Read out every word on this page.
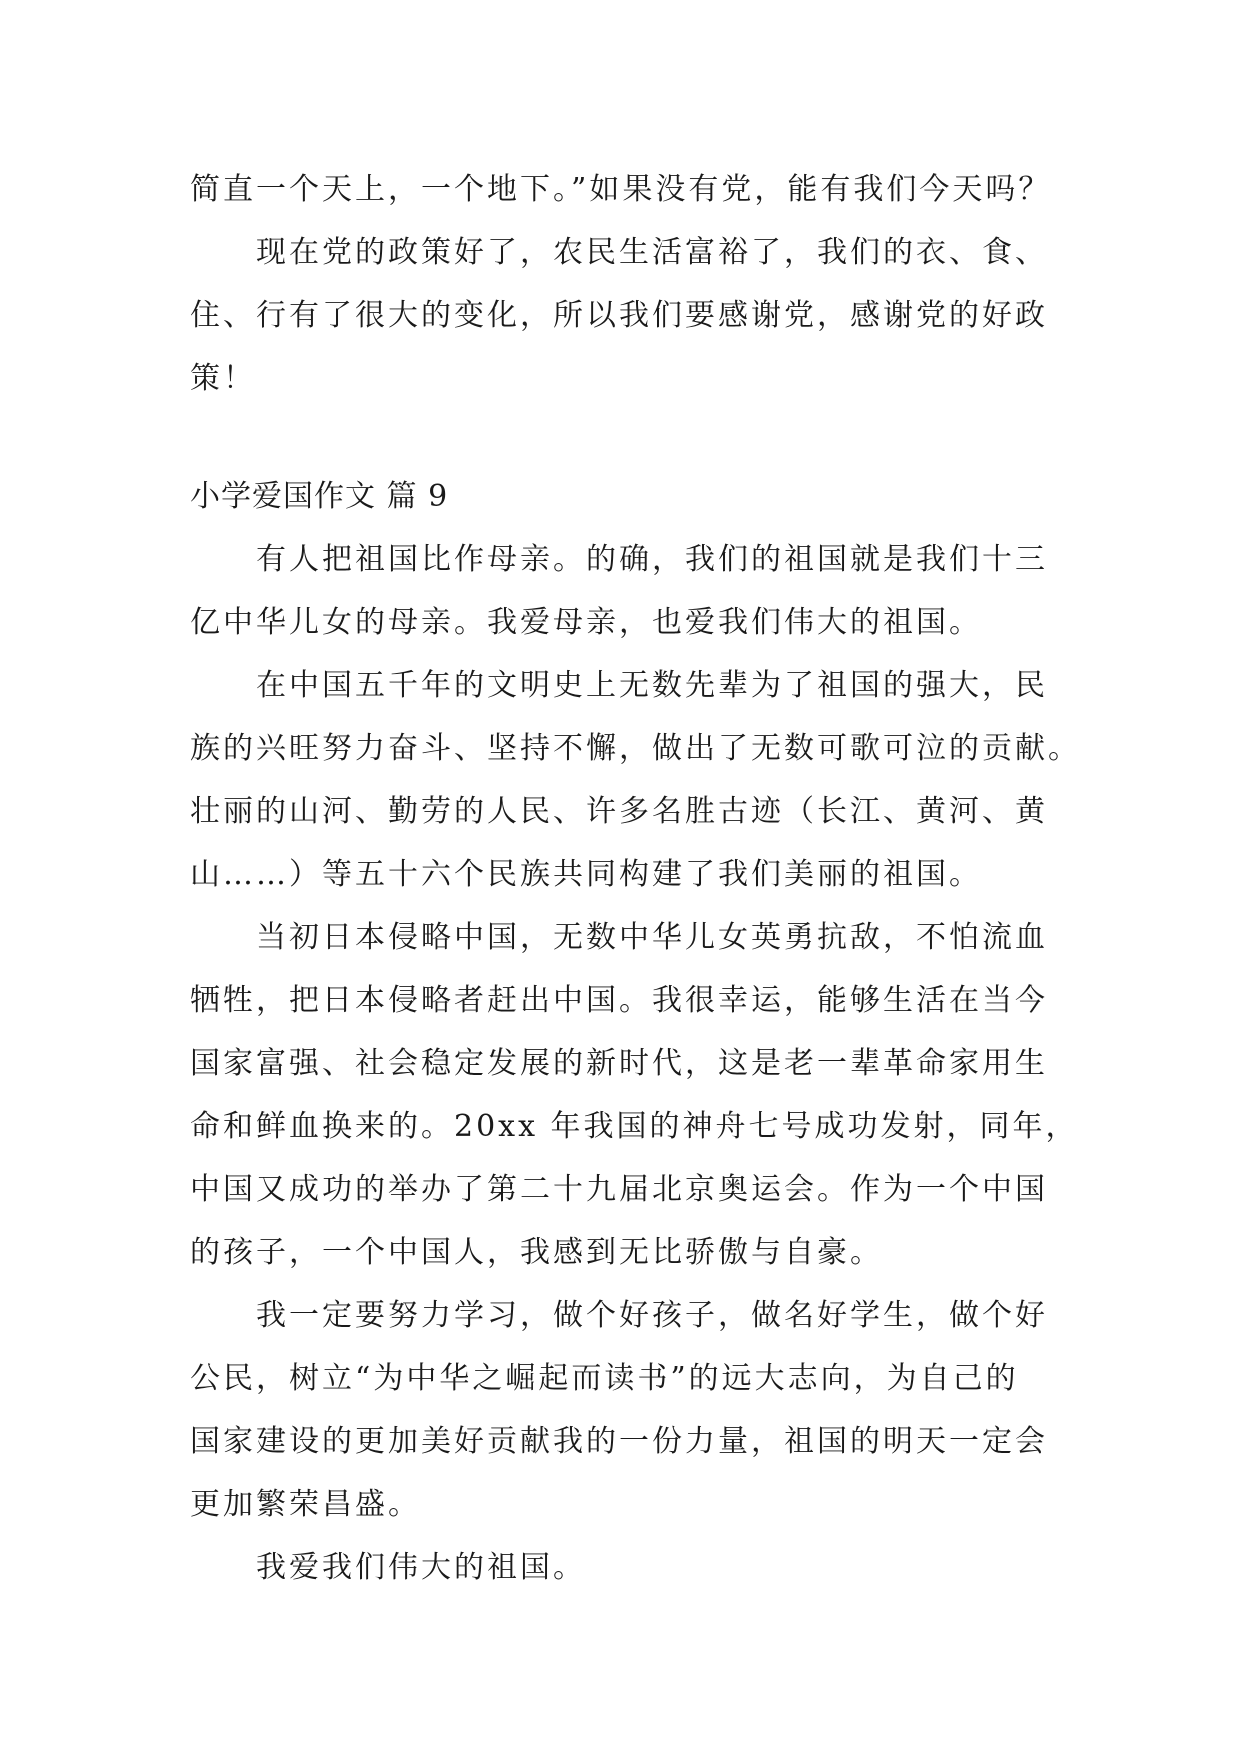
简直一个天上，一个地下。”如果没有党，能有我们今天吗？
现在党的政策好了，农民生活富裕了，我们的衣、食、
住、行有了很大的变化，所以我们要感谢党，感谢党的好政
策！
小学爱国作文 篇 9
有人把祖国比作母亲。的确，我们的祖国就是我们十三
亿中华儿女的母亲。我爱母亲，也爱我们伟大的祖国。
在中国五千年的文明史上无数先辈为了祖国的强大，民
族的兴旺努力奋斗、坚持不懈，做出了无数可歌可泣的贡献。
壮丽的山河、勤劳的人民、许多名胜古迹（长江、黄河、黄
山……）等五十六个民族共同构建了我们美丽的祖国。
当初日本侵略中国，无数中华儿女英勇抗敌，不怕流血
牺牲，把日本侵略者赶出中国。我很幸运，能够生活在当今
国家富强、社会稳定发展的新时代，这是老一辈革命家用生
命和鲜血换来的。20xx 年我国的神舟七号成功发射，同年，
中国又成功的举办了第二十九届北京奥运会。作为一个中国
的孩子，一个中国人，我感到无比骄傲与自豪。
我一定要努力学习，做个好孩子，做名好学生，做个好
公民，树立“为中华之崛起而读书”的远大志向，为自己的
国家建设的更加美好贡献我的一份力量，祖国的明天一定会
更加繁荣昌盛。
我爱我们伟大的祖国。
